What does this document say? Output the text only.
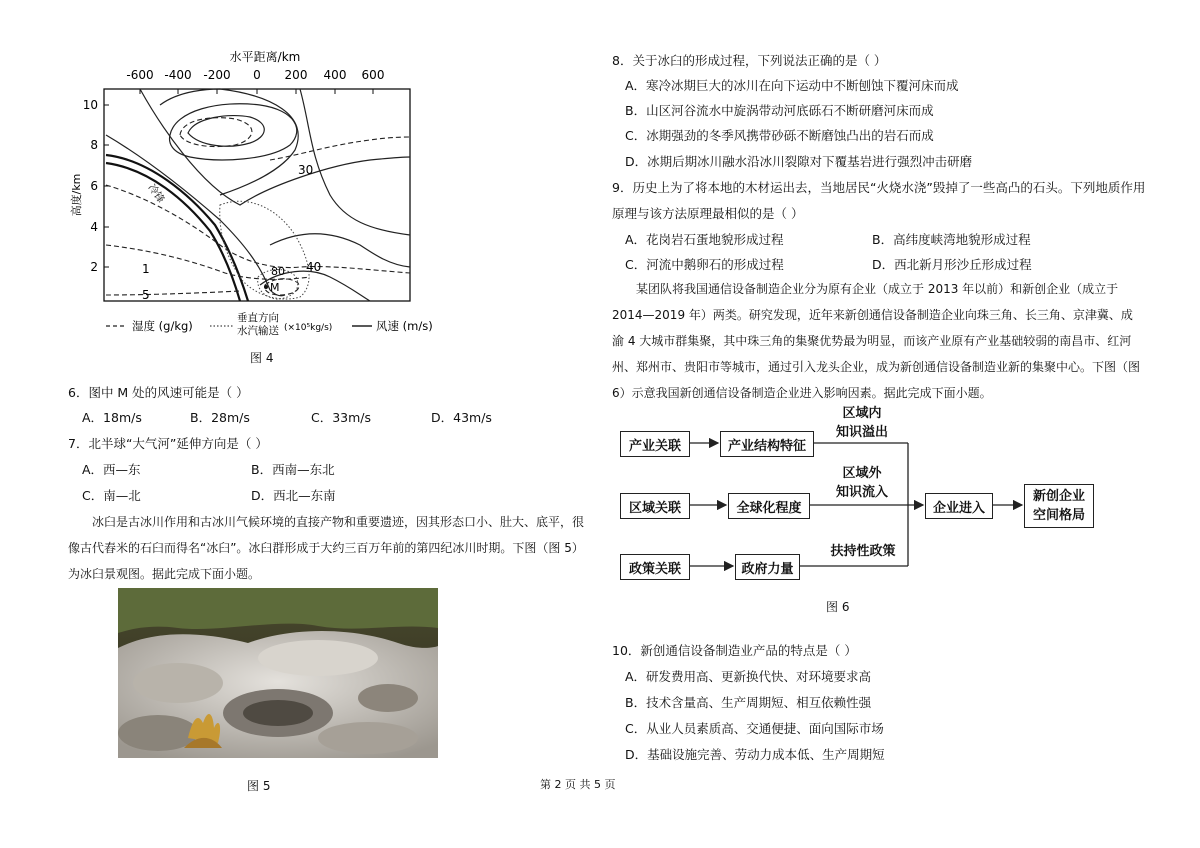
水平距离/km
-600 -400 -200 0 200 400 600
10
8
6
4
2
高度/km
30
40
80
1
5
冷锋
M
湿度 (g/kg)
垂直方向
水汽输送 (×10⁵kg/s)	风速 (m/s)
图 4
6．图中 M 处的风速可能是（ ）
A．18m/s	B．28m/s	C．33m/s	D．43m/s
7．北半球“大气河”延伸方向是（ ）
A．西—东	B．西南—东北
C．南—北	D．西北—东南
冰臼是古冰川作用和古冰川气候环境的直接产物和重要遗迹，因其形态口小、肚大、底平，很
像古代舂米的石臼而得名“冰臼”。冰臼群形成于大约三百万年前的第四纪冰川时期。下图（图 5）
为冰臼景观图。据此完成下面小题。
图 5
8．关于冰臼的形成过程，下列说法正确的是（ ）
A．寒冷冰期巨大的冰川在向下运动中不断刨蚀下覆河床而成
B．山区河谷流水中旋涡带动河底砾石不断研磨河床而成
C．冰期强劲的冬季风携带砂砾不断磨蚀凸出的岩石而成
D．冰期后期冰川融水沿冰川裂隙对下覆基岩进行强烈冲击研磨
9．历史上为了将本地的木材运出去，当地居民“火烧水浇”毁掉了一些高凸的石头。下列地质作用
原理与该方法原理最相似的是（ ）
A．花岗岩石蛋地貌形成过程	B．高纬度峡湾地貌形成过程
C．河流中鹅卵石的形成过程	D．西北新月形沙丘形成过程
某团队将我国通信设备制造企业分为原有企业（成立于 2013 年以前）和新创企业（成立于
2014—2019 年）两类。研究发现，近年来新创通信设备制造企业向珠三角、长三角、京津冀、成
渝 4 大城市群集聚，其中珠三角的集聚优势最为明显，而该产业原有产业基础较弱的南昌市、红河
州、郑州市、贵阳市等城市，通过引入龙头企业，成为新创通信设备制造业新的集聚中心。下图（图
6）示意我国新创通信设备制造企业进入影响因素。据此完成下面小题。
产业关联	产业结构特征
区域关联	全球化程度
政策关联	政府力量
企业进入
新创企业
空间格局
区域内
知识溢出
区域外
知识流入
扶持性政策
图 6
10．新创通信设备制造业产品的特点是（ ）
A．研发费用高、更新换代快、对环境要求高
B．技术含量高、生产周期短、相互依赖性强
C．从业人员素质高、交通便捷、面向国际市场
D．基础设施完善、劳动力成本低、生产周期短
第 2 页 共 5 页
